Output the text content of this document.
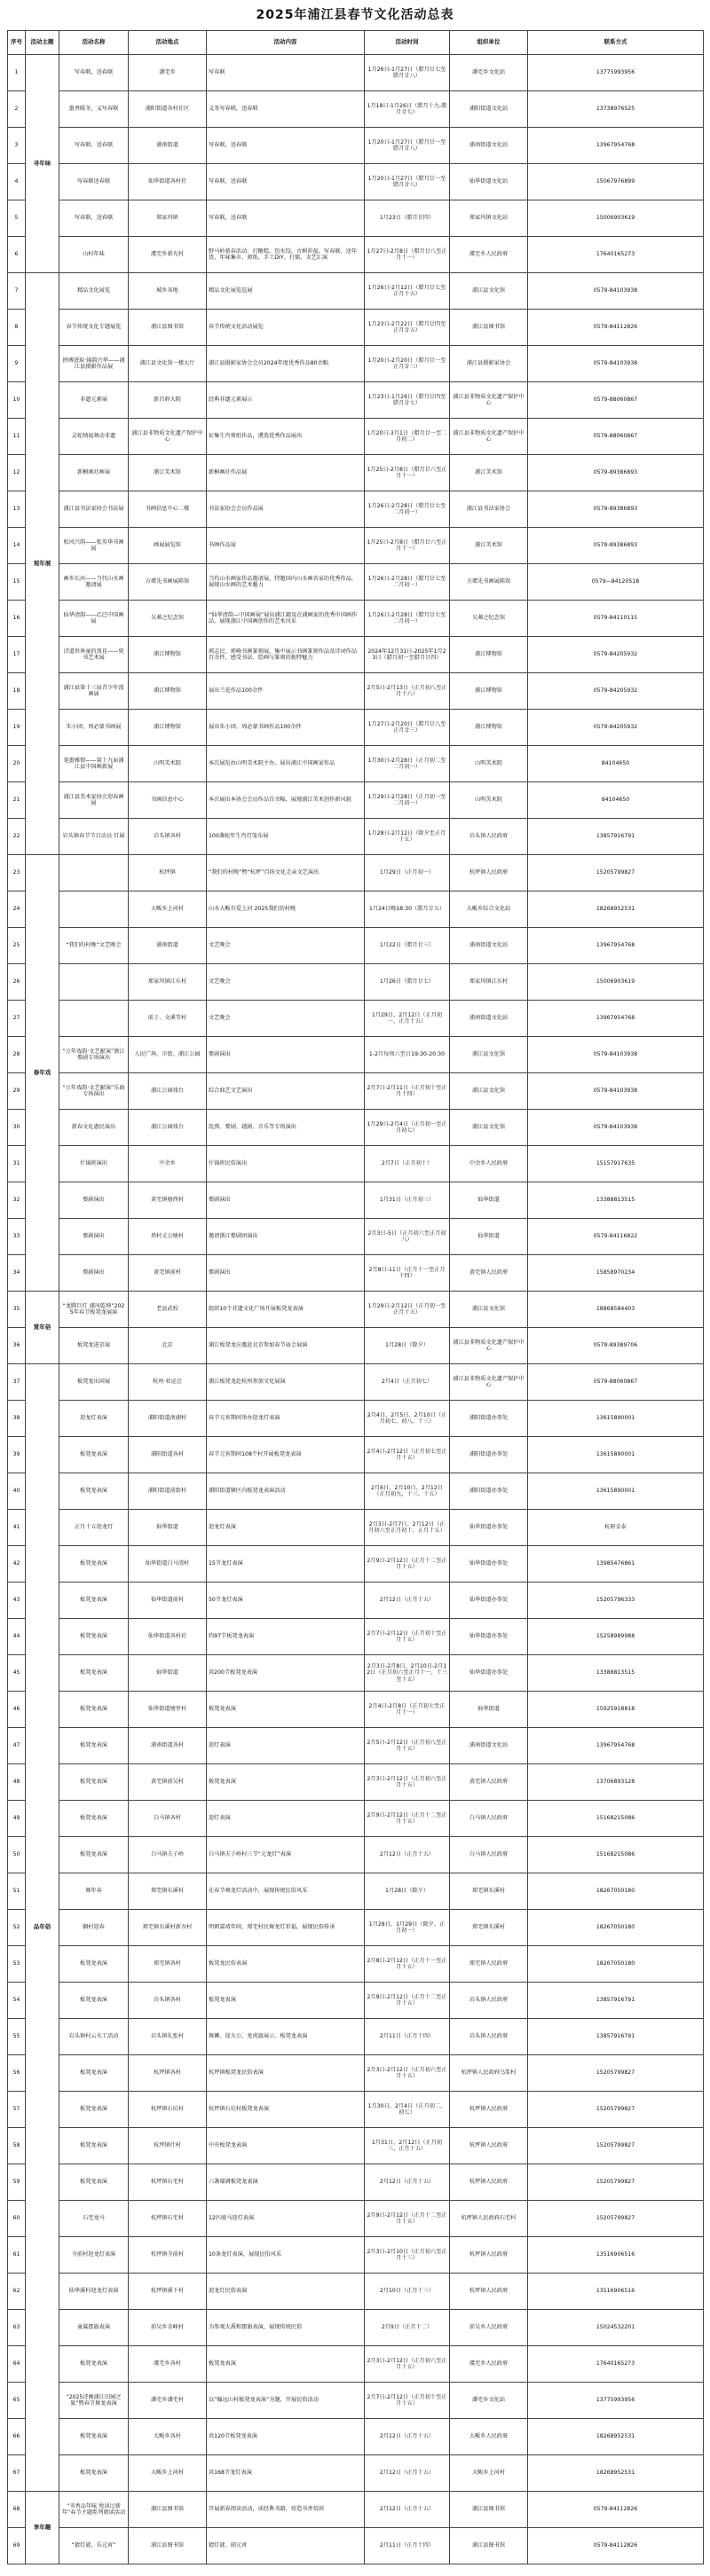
2025年浦江县春节文化活动总表
序号	活动主题	活动名称	活动地点	活动内容	活动时间	组织单位	联系方式
1	寻年味	写春联，送春联	潘宅乡	写春联	1月26日-1月27日（腊月廿七至腊月廿八）	潘宅乡文化站	13775993956
2		墨香暖冬，义写春联	浦阳街道各村社区	义务写春联，送春联	1月18日-1月26日（腊月十九-腊月廿七）	浦阳街道文化站	13738976525
3		写春联，送春联	浦南街道	写春联，送春联	1月20日-1月27日（腊月廿一至腊月廿八）	浦南街道文化站	13967954768
4		写春联送春联	仙华街道各村社	写春联，送春联	1月20日-1月27日（腊月廿一至腊月廿八）	仙华街道文化站	15067976899
5		写春联，送春联	郑家坞镇	写春联，送春联	1月23日（腊月廿四）	郑家坞镇文化站	15006903619
6		山村年味	虞宅乡新光村	野马岭新春活动：打糖糕、包水饺、古树祈福、写春联、送年货、年味集市、剪纸、手工DIY、打擂、文艺汇演	1月27日-2月8日（腊月廿八至正月十一）	虞宅乡人民政府	17640165273
7	观年展	精品文化展览	城乡各地	精品文化展览巡展	1月26日-2月12日（腊月廿七至正月十五）	浦江县文化馆	0579-84103938
8		春节传统文化专题展览	浦江县图书馆	春节传统文化活动展览	1月23日-2月22日（腊月廿四至正月廿五）	浦江县图书馆	0579-84112826
9		拼搏进取·锦韵兴华——浦江县摄影作品展	浦江县文化馆一楼大厅	浦江县摄影家协会会员2024年度优秀作品80余幅	1月20日-2月20日（腊月廿一至正月廿三）	浦江县摄影家协会	0579-84103938
10		非遗元素展	新昌府大院	经典非遗元素展示	1月23日-1月26日（腊月廿四至腊月廿七）	浦江县非物质文化遗产保护中心	0579-88060867
11		灵蛇纳福舞动非遗	浦江县非物质文化遗产保护中心	征集生肖剪纸作品，遴选优秀作品展出	1月20日-3月1日（腊月廿一至二月初二）	浦江县非物质文化遗产保护中心	0579-88060867
12		新桐画社画展	浦江美术馆	新桐画社作品展	1月25日-2月8日（腊月廿六至正月十一）	浦江美术馆	0579-89386893
13		浦江县书法家协会书法展	书画信息中心二楼	书法家协会会员作品展	1月26日-2月28日（腊月廿七至二月初一）	浦江县书法家协会	0579-89386893
14		松风兴韵——张英华书画展	画展展览馆	书画作品展	1月25日-2月8日（腊月廿六至正月十一）	浦江美术馆	0579-89386893
15		画乡长河——当代山水画邀请展	方增先书画展陈馆	当代山水画家作品邀请展，特邀国内山水画名家的优秀作品，展现山水画的艺术魅力	1月26日-2月28日（腊月廿七至二月初一）	方增先书画展陈馆	0579—84120518
16		仙华清韵——乙巳中国画展	吴茀之纪念馆	“仙华清韵—中国画展”展出浦江籍及在浦画家的优秀中国画作品，展现浦江中国画创作的艺术风采	1月26日-2月28日（腊月廿七至二月初一）	吴茀之纪念馆	0579-84110115
17		诗道世界童的浪花——瓷书艺术展	浦江博物馆	郭志民、郭峰书画篆刻展，集中展示书画篆刻作品及诗词作品百余件，感受书法、绘画与篆刻的独特魅力	2024年12月31日-2025年1月23日（腊月初一至腊月廿四）	浦江博物馆	0579-84205932
18		浦江县第十三届青少年漫画展	浦江博物馆	展出兰花作品100余件	2月5日-2月13日（正月初八至正月十六）	浦江博物馆	0579-84205932
19		朱小团、周必蒙书画展	浦江博物馆	展出朱小团、周必蒙书画作品100余件	1月27日-2月20日（腊月廿八至正月廿三）	浦江博物馆	0579-84205932
20		笔墨雅情——第十九届浦江县中国画新展	山明美术院	本次展览由山明美术院主办，展出浦江中国画家作品	1月30日-2月28日（正月初二至二月初一）	山明美术院	84104650
21		浦江县美术家协会迎春画展	书画信息中心	本次展出本协会会员作品百余幅，展现浦江美术创作新风貌	1月29日-2月28日（正月初一至二月初一）	山明美术院	84104650
22		岩头镇春节节目动员 灯展	岩头镇各村	100盏蛇年生肖灯笼布展	1月28日-2月12日（除夕至正月十五）	岩头镇人民政府	13857916791
23	春年戏		杭坪镇	“我们的村晚”暨“杭坪”百场文化走亲文艺演出	1月29日（正月初一）	杭坪镇人民政府	15205799827
24			大畈乡上河村	山水大畈有爱上河 2025我们的村晚	1月24日晚18:30（腊月廿五）	大畈乡综合文化站	18268952531
25		“我们的村晚”文艺晚会	浦南街道	文艺晚会	1月22日（腊月廿三）	浦南街道文化站	13967954768
26			郑家坞镇江东村	文艺晚会	1月26日（腊月廿七）	郑家坞镇江东村	15006903619
27			前于、文溪等村	文艺晚会	1月29日、2月12日（正月初一、正月十五）	浦南街道文化站	13967954768
28		“万年戏韵·文艺献演”浙江婺剧专场演出	人民广场、市街、浦江公园	婺剧演出	1-2月每周六至日19:30-20:30	浦江县文化馆	0579-84103938
29		“万年戏韵·文艺献演”乐曲专场演出	浦江公园戏台	综合曲艺文艺演出	2月7日-2月11日（正月初十至正月十四）	浦江县文化馆	0579-84103938
30		新春文化惠民演出	浦江公园戏台	乱弹、婺剧、越剧、音乐等专场演出	1月29日-2月4日（正月初一至正月初七）	浦江县文化馆	0579-84103938
31		什锦班演出	中余乡	什锦班民俗演出	2月7日（正月初十）	中余乡人民政府	15157917635
32		婺剧演出	黄宅镇塘西村	婺剧演出	1月31日（正月初三）	仙华街道	13388813515
33		婺剧演出	塔村丈公塘村	邀请浙江婺剧团演出	2月3日-5日（正月初六至正月初八）	仙华街道	0579-84116822
34		婺剧演出	黄宅镇前村	婺剧演出	2月8日-11日（正月十一至正月十四）	黄宅镇人民政府	15858970234
35	赏年俗	“龙腾巨灯 浦风乾坤”2025年春节板凳龙展演	老县武校	组织10个非遗文化广场开展板凳龙表演	1月29日-2月12日（正月初一至正月十五）	浦江县文化馆	18868584403
36		板凳龙进京展	北京	浦江板凳龙应邀赴北京参加春节庙会展演	1月28日（除夕）	浦江县非物质文化遗产保护中心	0579-89389706
37	品年俗	板凳龙出国展	杭州·亚运会	浦江板凳龙赴杭州参加文化展演	2月4日（正月初七）	浦江县非物质文化遗产保护中心	0579-88060867
38		迎龙灯表演	浦阳街道南湖村	春节元宵期间举办迎龙灯表演	2月4日、2月5日、2月10日（正月初七、初八、十三）	浦阳街道办事处	13615890001
39		板凳龙表演	浦阳街道各村	春节元宵期间108个村开展板凳龙表演	2月4日-2月12日（正月初七至正月十五）	浦阳街道办事处	13615890001
40		板凳龙表演	浦阳街道前街村	浦阳街道辖区内板凳龙表演活动	2月6日、2月10日、2月12日（正月初九、十三、十五）	浦阳街道办事处	13615890001
41		正月十五迎龙灯	仙华街道	迎龙灯表演	2月3日-2月7日、2月12日（正月初六至正月初十、正月十五）	仙华街道办事处	杭府金泰
42		板凳龙表演	仙华街道白马湾村	15节龙灯表演	2月9日-2月12日（正月十二至正月十五）	仙华街道办事处	13985476861
43		板凳龙表演	仙华街道前村	50节龙灯表演	2月12日（正月十五）	仙华街道办事处	15205796333
44		板凳龙表演	仙华街道各村社	约97节板凳龙表演	2月7日-2月12日（正月初十至正月十五）	仙华街道办事处	15258989988
45		板凳龙表演	仙华街道	共200节板凳龙表演	2月3日-2月8日、2月10日-2月12日（正月初六至正月十一、十三至十五）	仙华街道办事处	13388813515
46		板凳龙表演	仙华街道塘里村	板凳龙表演	2月4日-2月8日（正月初七至正月十一）	仙华街道	15925918818
47		板凳龙表演	浦南街道各村	迎灯表演	2月5日-2月12日（正月初八至正月十五）	浦南街道文化站	13967954768
48		板凳龙表演	黄宅镇前吴村	板凳龙表演	2月3日-2月12日（正月初六至正月十五）	黄宅镇人民政府	13706893128
49		板凳龙表演	白马镇各村	迎灯表演	2月9日-2月12日（正月十二至正月十五）	白马镇人民政府	15168215086
50		板凳龙表演	白马镇夫子岭	白马镇夫子岭村三节“元龙灯”表演	2月12日（正月十五）	白马镇人民政府	15168215086
51		舞年春	郑宅镇东溪村	在春节舞龙灯活动中，展现传统民俗风采	1月28日（除夕）	郑宅镇东溪村	18267050180
52		胭村迎春	郑宅镇东溪村新吾村	明朝嘉靖年间，郑宅村民舞龙灯祈福，展现民俗传承	1月28日、1月29日（除夕、正月初一）	郑宅镇东溪村	18267050180
53		板凳龙表演	郑宅镇各村	板凳龙民俗表演	2月8日-2月12日（正月十一至正月十五）	郑宅镇人民政府	18267050180
54		板凳龙表演	岩头镇各村	板凳龙表演	2月9日-2月12日（正月十二至正月十五）	岩头镇人民政府	13857916791
55		岩头镇村云火工活动	岩头镇礼张村	舞狮、迎大公、龙虎旗展示、板凳龙表演	2月11日（正月十四）	岩头镇人民政府	13857916791
56		板凳龙表演	杭坪镇各村	杭坪镇板凳龙民俗表演	2月3日-2月12日（正月初六至正月十五）	杭坪镇人民政府乌浆村	15205799827
57		板凳龙表演	杭坪镇石坑村	杭坪镇石坑村板凳龙表演	1月30日、2月4日（正月初二、初七）	杭坪镇人民政府	15205799827
58		板凳龙表演	杭坪镇仕村	中央板凳龙表演	1月31日、2月12日（正月初三、正月十五）	杭坪镇人民政府	15205799827
59		板凳龙表演	杭坪镇石宅村	六盏蜀调板凳龙表演	2月12日（正月十五）	杭坪镇人民政府	15205799827
60		石宅龙马	杭坪镇石宅村	12匹骏马迎灯表演	2月9日-2月12日（正月十二至正月十五）	杭坪镇人民政府石宅村	15205799827
61		寺前村迎龙灯表演	杭坪镇寺前村	10条龙灯表演，展现民俗风采	2月3日-2月10日（正月初六至正月十三）	杭坪镇人民政府	13516906516
62		仙华溪村迎龙灯表演	杭坪镇溪下村	迎龙灯民俗表演	2月10日（正月十三）	杭坪镇人民政府	13516906516
63		童翼摆旗表演	前吴乡金峰村	为参观大禹和摆旗表演，展现传统民俗	2月9日（正月十二）	前吴乡人民政府	15024532201
64		板凳龙表演	虞宅乡各村	板凳龙表演	2月3日-2月12日（正月初六至正月十五）	虞宅乡人民政府	17640165273
65		“2025诗画浦江田园之旅”暨春节舞龙表演	潘宅乡潘宅村	以“偏远山村板凳龙表演”为题，开展民俗活动	2月7日-2月12日（正月初十至正月十五）	潘宅乡文化站	13775993956
66		板凳龙表演	大畈乡各村	共120节板凳龙表演	2月12日（正月十五）	大畈乡人民政府	18268952531
67		板凳龙表演	大畈乡上河村	共168节龙灯表演	2月12日（正月十五）	大畈乡上河村	18268952531
68	享年趣	“书香品年味 悦读过新年”春节主题系列阅读活动	浦江县图书馆	开展新春阅读活动，读经典书籍，营造书香氛围	2月12日（正月十五）	浦江县图书馆	0579-84112826
69		“猜灯谜，乐元宵”	浦江县图书馆	猜灯谜、闹元宵	2月11日（正月十四）	浦江县图书馆	0579-84112826
